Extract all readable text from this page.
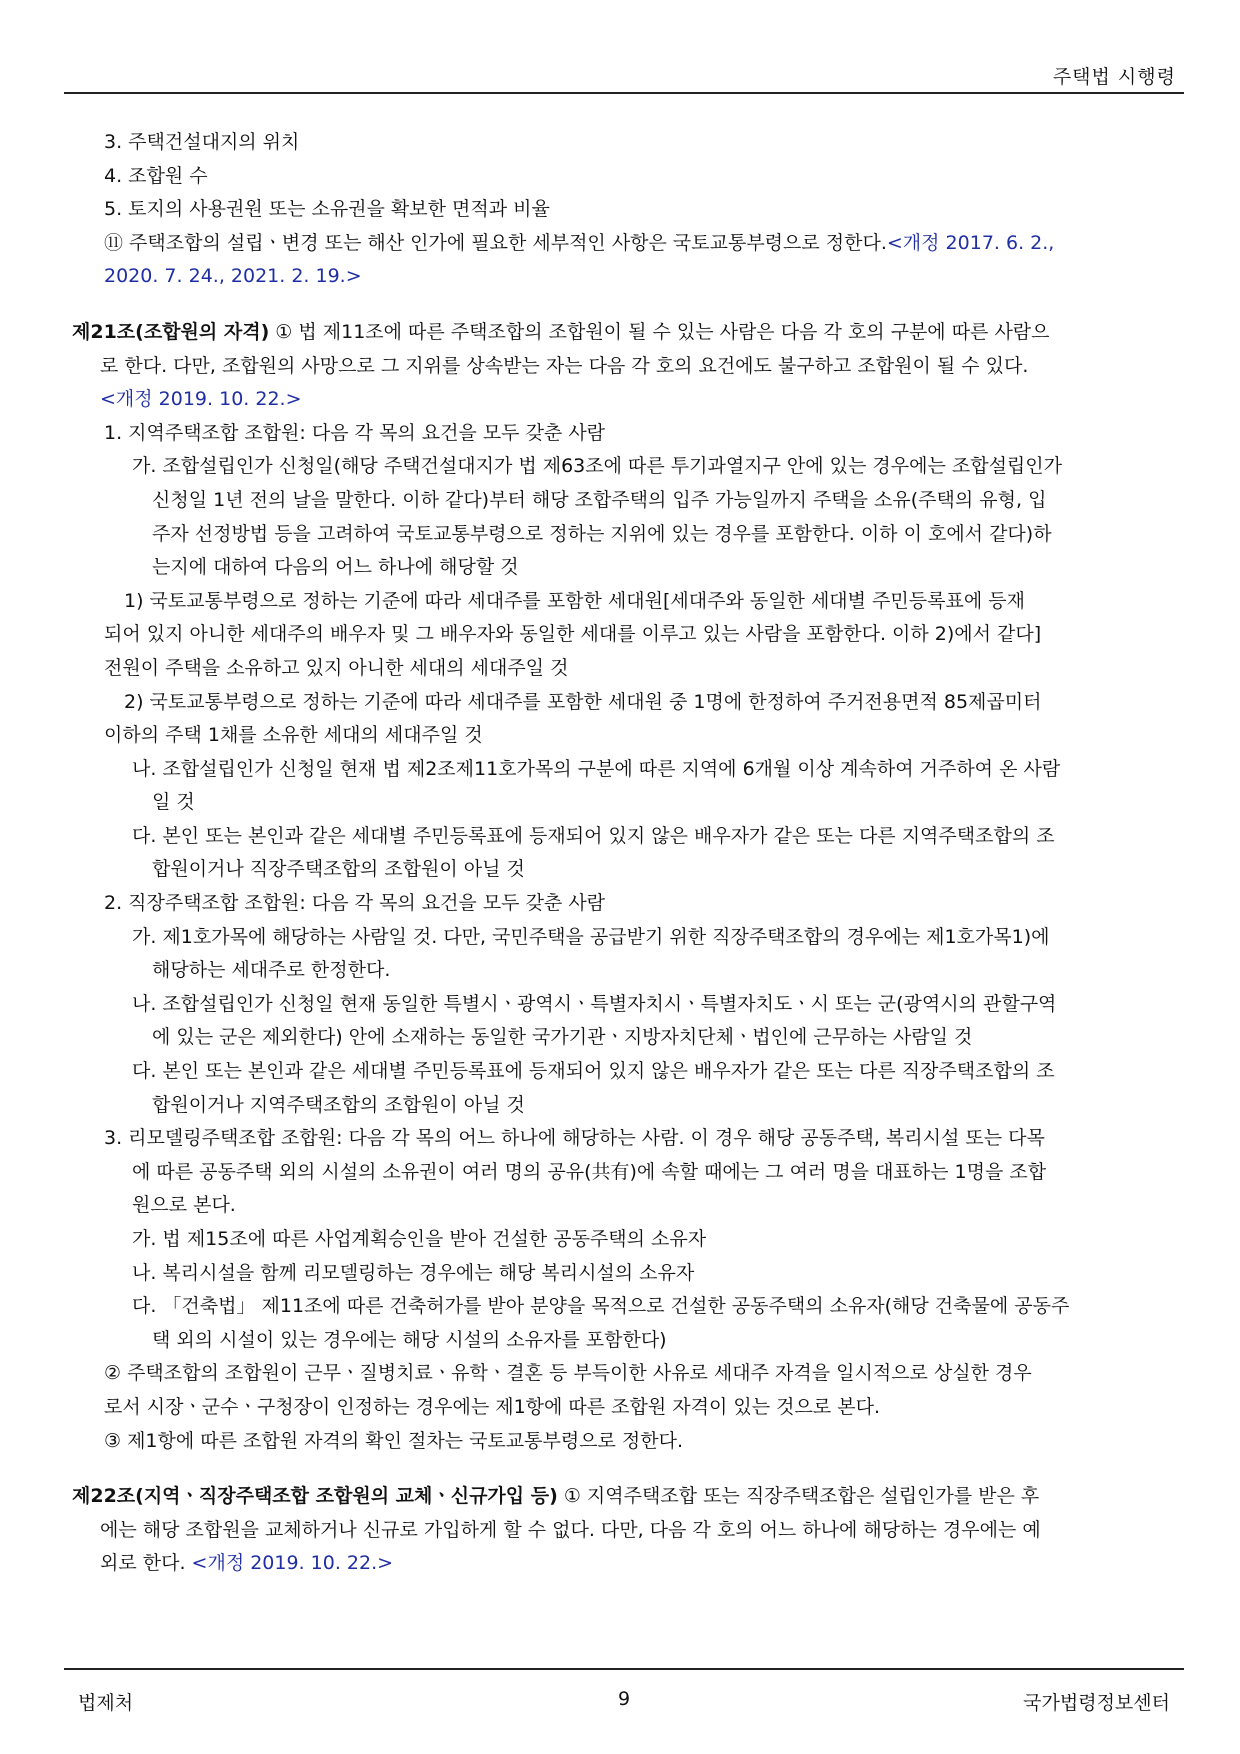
주택법 시행령
3. 주택건설대지의 위치
4. 조합원 수
5. 토지의 사용권원 또는 소유권을 확보한 면적과 비율
⑪ 주택조합의 설립ㆍ변경 또는 해산 인가에 필요한 세부적인 사항은 국토교통부령으로 정한다.<개정 2017. 6. 2.,
2020. 7. 24., 2021. 2. 19.>
제21조(조합원의 자격) ① 법 제11조에 따른 주택조합의 조합원이 될 수 있는 사람은 다음 각 호의 구분에 따른 사람으
로 한다. 다만, 조합원의 사망으로 그 지위를 상속받는 자는 다음 각 호의 요건에도 불구하고 조합원이 될 수 있다.
<개정 2019. 10. 22.>
1. 지역주택조합 조합원: 다음 각 목의 요건을 모두 갖춘 사람
가. 조합설립인가 신청일(해당 주택건설대지가 법 제63조에 따른 투기과열지구 안에 있는 경우에는 조합설립인가
신청일 1년 전의 날을 말한다. 이하 같다)부터 해당 조합주택의 입주 가능일까지 주택을 소유(주택의 유형, 입
주자 선정방법 등을 고려하여 국토교통부령으로 정하는 지위에 있는 경우를 포함한다. 이하 이 호에서 같다)하
는지에 대하여 다음의 어느 하나에 해당할 것
1) 국토교통부령으로 정하는 기준에 따라 세대주를 포함한 세대원[세대주와 동일한 세대별 주민등록표에 등재
되어 있지 아니한 세대주의 배우자 및 그 배우자와 동일한 세대를 이루고 있는 사람을 포함한다. 이하 2)에서 같다]
전원이 주택을 소유하고 있지 아니한 세대의 세대주일 것
2) 국토교통부령으로 정하는 기준에 따라 세대주를 포함한 세대원 중 1명에 한정하여 주거전용면적 85제곱미터
이하의 주택 1채를 소유한 세대의 세대주일 것
나. 조합설립인가 신청일 현재 법 제2조제11호가목의 구분에 따른 지역에 6개월 이상 계속하여 거주하여 온 사람
일 것
다. 본인 또는 본인과 같은 세대별 주민등록표에 등재되어 있지 않은 배우자가 같은 또는 다른 지역주택조합의 조
합원이거나 직장주택조합의 조합원이 아닐 것
2. 직장주택조합 조합원: 다음 각 목의 요건을 모두 갖춘 사람
가. 제1호가목에 해당하는 사람일 것. 다만, 국민주택을 공급받기 위한 직장주택조합의 경우에는 제1호가목1)에
해당하는 세대주로 한정한다.
나. 조합설립인가 신청일 현재 동일한 특별시ㆍ광역시ㆍ특별자치시ㆍ특별자치도ㆍ시 또는 군(광역시의 관할구역
에 있는 군은 제외한다) 안에 소재하는 동일한 국가기관ㆍ지방자치단체ㆍ법인에 근무하는 사람일 것
다. 본인 또는 본인과 같은 세대별 주민등록표에 등재되어 있지 않은 배우자가 같은 또는 다른 직장주택조합의 조
합원이거나 지역주택조합의 조합원이 아닐 것
3. 리모델링주택조합 조합원: 다음 각 목의 어느 하나에 해당하는 사람. 이 경우 해당 공동주택, 복리시설 또는 다목
에 따른 공동주택 외의 시설의 소유권이 여러 명의 공유(共有)에 속할 때에는 그 여러 명을 대표하는 1명을 조합
원으로 본다.
가. 법 제15조에 따른 사업계획승인을 받아 건설한 공동주택의 소유자
나. 복리시설을 함께 리모델링하는 경우에는 해당 복리시설의 소유자
다. 「건축법」 제11조에 따른 건축허가를 받아 분양을 목적으로 건설한 공동주택의 소유자(해당 건축물에 공동주
택 외의 시설이 있는 경우에는 해당 시설의 소유자를 포함한다)
② 주택조합의 조합원이 근무ㆍ질병치료ㆍ유학ㆍ결혼 등 부득이한 사유로 세대주 자격을 일시적으로 상실한 경우
로서 시장ㆍ군수ㆍ구청장이 인정하는 경우에는 제1항에 따른 조합원 자격이 있는 것으로 본다.
③ 제1항에 따른 조합원 자격의 확인 절차는 국토교통부령으로 정한다.
제22조(지역ㆍ직장주택조합 조합원의 교체ㆍ신규가입 등) ① 지역주택조합 또는 직장주택조합은 설립인가를 받은 후
에는 해당 조합원을 교체하거나 신규로 가입하게 할 수 없다. 다만, 다음 각 호의 어느 하나에 해당하는 경우에는 예
외로 한다. <개정 2019. 10. 22.>
법제처	9	국가법령정보센터
